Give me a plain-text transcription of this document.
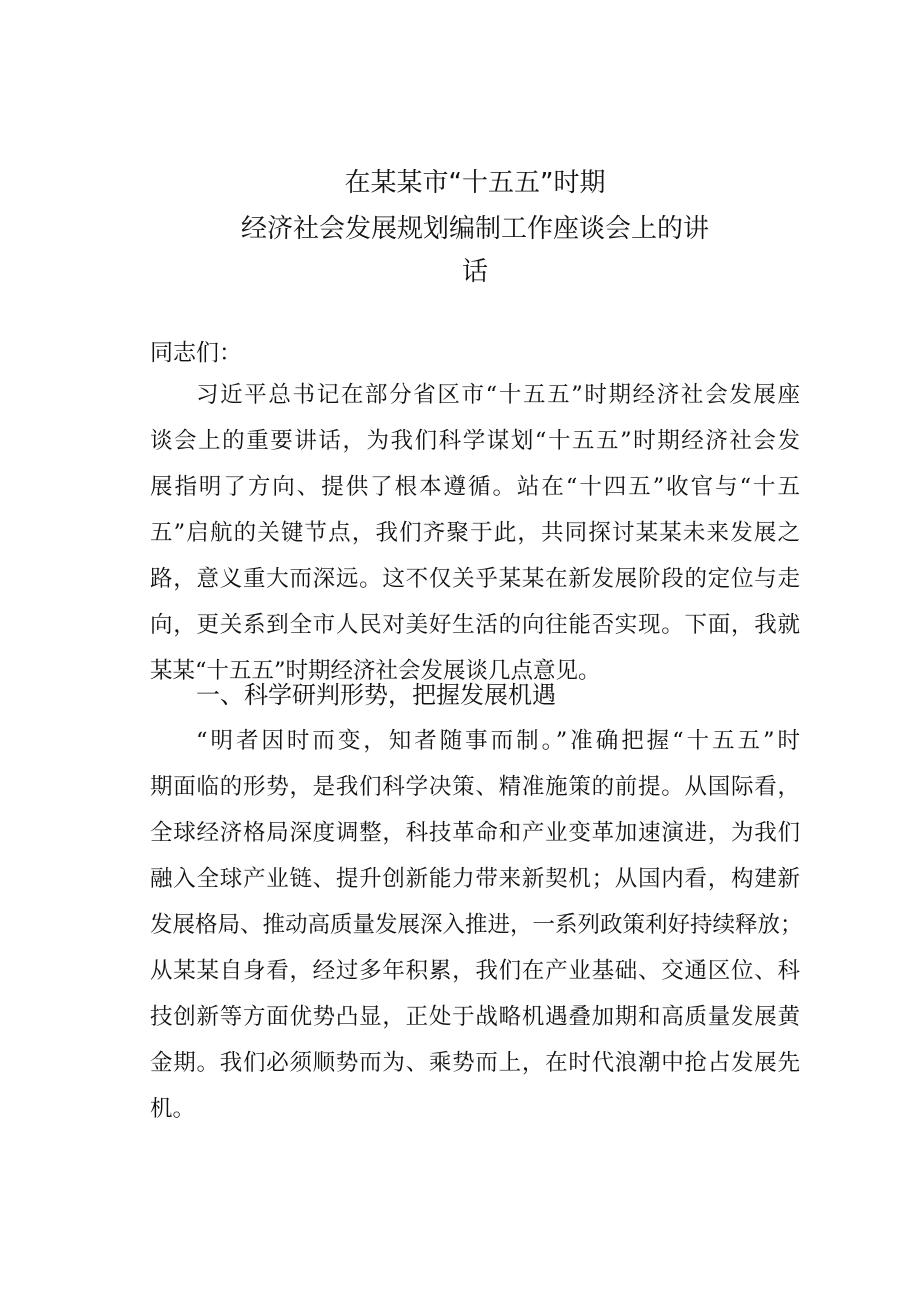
在某某市“十五五”时期
经济社会发展规划编制工作座谈会上的讲
话
同志们：
习近平总书记在部分省区市“十五五”时期经济社会发展座
谈会上的重要讲话，为我们科学谋划“十五五”时期经济社会发
展指明了方向、提供了根本遵循。站在“十四五”收官与“十五
五”启航的关键节点，我们齐聚于此，共同探讨某某未来发展之
路，意义重大而深远。这不仅关乎某某在新发展阶段的定位与走
向，更关系到全市人民对美好生活的向往能否实现。下面，我就
某某“十五五”时期经济社会发展谈几点意见。
一、科学研判形势，把握发展机遇
“明者因时而变，知者随事而制。”准确把握“十五五”时
期面临的形势，是我们科学决策、精准施策的前提。从国际看，
全球经济格局深度调整，科技革命和产业变革加速演进，为我们
融入全球产业链、提升创新能力带来新契机；从国内看，构建新
发展格局、推动高质量发展深入推进，一系列政策利好持续释放；
从某某自身看，经过多年积累，我们在产业基础、交通区位、科
技创新等方面优势凸显，正处于战略机遇叠加期和高质量发展黄
金期。我们必须顺势而为、乘势而上，在时代浪潮中抢占发展先
机。
